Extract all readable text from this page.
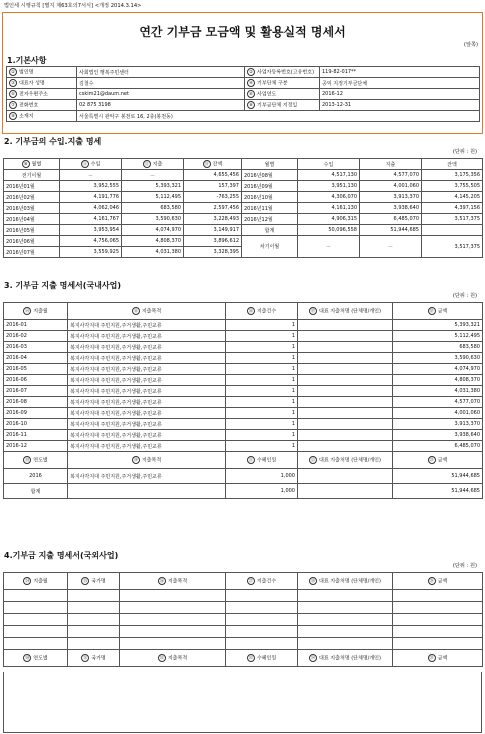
법인세 시행규칙 [별지 제63호의7서식] <개정 2014.3.14>
연간 기부금 모금액 및 활용실적 명세서
(앞쪽)
1.기본사항
① 법인명	사회법인 행복주민센터	② 사업자등록번호(고유번호)	119-82-017**
③ 대표자 성명	김철수	④ 기부단체 구분	공익 지정기부금단체
⑤ 전자우편주소	cskim21@daum.net	⑥ 사업연도	2016-12
⑦ 전화번호	02 875 3198	⑧ 기부금단체 지정일	2013-12-31
⑨ 소재지	서울특별시 관악구 봉천로 16, 2층(봉천동)		
2. 기부금의 수입.지출 명세
(단위 : 원)
⑩ 월별	⑪ 수입	⑫ 지출	⑬ 잔액	월별	수입	지출	잔액
전기이월	－	－	4,655,456	2016년08월	4,517,130	4,577,070	3,175,356
2016년01월	3,952,555	5,393,321	157,397	2016년09월	3,951,130	4,001,060	3,755,505
2016년02월	4,191,776	5,112,495	-763,255	2016년10월	4,306,070	3,913,370	4,145,205
2016년03월	4,062,046	683,580	2,597,456	2016년11월	4,161,130	3,938,640	4,397,156
2016년04월	4,161,767	3,590,630	3,228,493	2016년12월	4,906,315	6,485,070	3,517,375
2016년05월	3,953,954	4,074,970	3,149,917	합계	50,096,558	51,944,685	
2016년06월	4,756,065	4,808,370	3,896,612	차기이월	－	－	3,517,375
2016년07월	3,559,925	4,031,380	3,328,395				
3. 기부금 지출 명세서(국내사업)
(단위 : 원)
⑭ 지출월	⑮ 지출목적	⑯ 지출건수	⑰ 대표 지출처명 (단체명/개인)	⑱ 금액
2016-01	복지사각지대 주민지원,주거생활,주민교류	1		5,393,321
2016-02	복지사각지대 주민지원,주거생활,주민교류	1		5,112,495
2016-03	복지사각지대 주민지원,주거생활,주민교류	1		683,580
2016-04	복지사각지대 주민지원,주거생활,주민교류	1		3,590,630
2016-05	복지사각지대 주민지원,주거생활,주민교류	1		4,074,970
2016-06	복지사각지대 주민지원,주거생활,주민교류	1		4,808,370
2016-07	복지사각지대 주민지원,주거생활,주민교류	1		4,031,380
2016-08	복지사각지대 주민지원,주거생활,주민교류	1		4,577,070
2016-09	복지사각지대 주민지원,주거생활,주민교류	1		4,001,060
2016-10	복지사각지대 주민지원,주거생활,주민교류	1		3,913,370
2016-11	복지사각지대 주민지원,주거생활,주민교류	1		3,938,640
2016-12	복지사각지대 주민지원,주거생활,주민교류	1		6,485,070
⑲ 연도별	⑳ 지출목적	㉑ 수혜인원	㉒ 대표 지출처명 (단체명/개인)	㉓ 금액
2016	복지사각지대 주민지원,주거생활,주민교류	1,000		51,944,685
합계		1,000		51,944,685
4.기부금 지출 명세서(국외사업)
(단위 : 원)
㉔ 지출월	㉕ 국가명	㉖ 지출목적	㉗ 지출건수	㉘ 대표 지출처명 (단체명/개인)	㉙ 금액

㉚ 연도별	㉛ 국가명	㉜ 지출목적	㉝ 수혜인원	㉞ 대표 지출처명 (단체명/개인)	㉟ 금액
